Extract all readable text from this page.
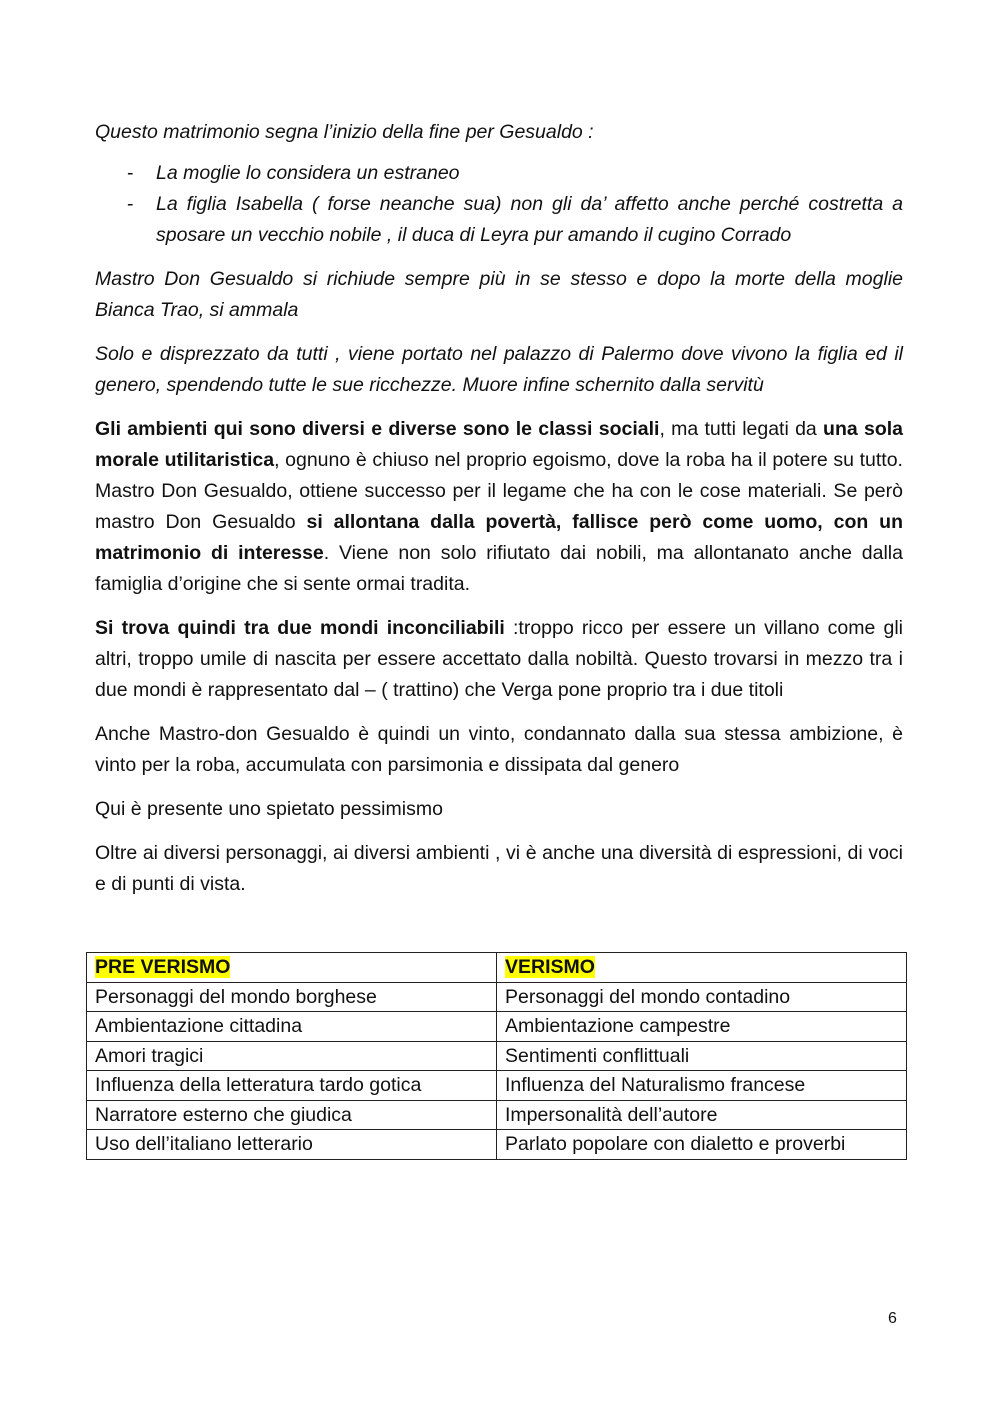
Questo matrimonio segna l’inizio della fine per Gesualdo :

- La moglie lo considera un estraneo
- La figlia Isabella ( forse neanche sua) non gli da’ affetto anche perché costretta a sposare un vecchio nobile , il duca di Leyra pur amando il cugino Corrado

Mastro Don Gesualdo si richiude sempre più in se stesso e dopo la morte della moglie Bianca Trao, si ammala

Solo e disprezzato da tutti , viene portato nel palazzo di Palermo dove vivono la figlia ed il genero, spendendo tutte le sue ricchezze. Muore infine schernito dalla servitù

Gli ambienti qui sono diversi e diverse sono le classi sociali, ma tutti legati da una sola morale utilitaristica, ognuno è chiuso nel proprio egoismo, dove la roba ha il potere su tutto. Mastro Don Gesualdo, ottiene successo per il legame che ha con le cose materiali. Se però mastro Don Gesualdo si allontana dalla povertà, fallisce però come uomo, con un matrimonio di interesse. Viene non solo rifiutato dai nobili, ma allontanato anche dalla famiglia d’origine che si sente ormai tradita.

Si trova quindi tra due mondi inconciliabili :troppo ricco per essere un villano come gli altri, troppo umile di nascita per essere accettato dalla nobiltà. Questo trovarsi in mezzo tra i due mondi è rappresentato dal – ( trattino) che Verga pone proprio tra i due titoli

Anche Mastro-don Gesualdo è quindi un vinto, condannato dalla sua stessa ambizione, è vinto per la roba, accumulata con parsimonia e dissipata dal genero

Qui è presente uno spietato pessimismo

Oltre ai diversi personaggi, ai diversi ambienti , vi è anche una diversità di espressioni, di voci e di punti di vista.

PRE VERISMO	VERISMO
Personaggi del mondo borghese	Personaggi del mondo contadino
Ambientazione cittadina	Ambientazione campestre
Amori tragici	Sentimenti conflittuali
Influenza della letteratura tardo gotica	Influenza del Naturalismo francese
Narratore esterno che giudica	Impersonalità dell’autore
Uso dell’italiano letterario	Parlato popolare con dialetto e proverbi
6
